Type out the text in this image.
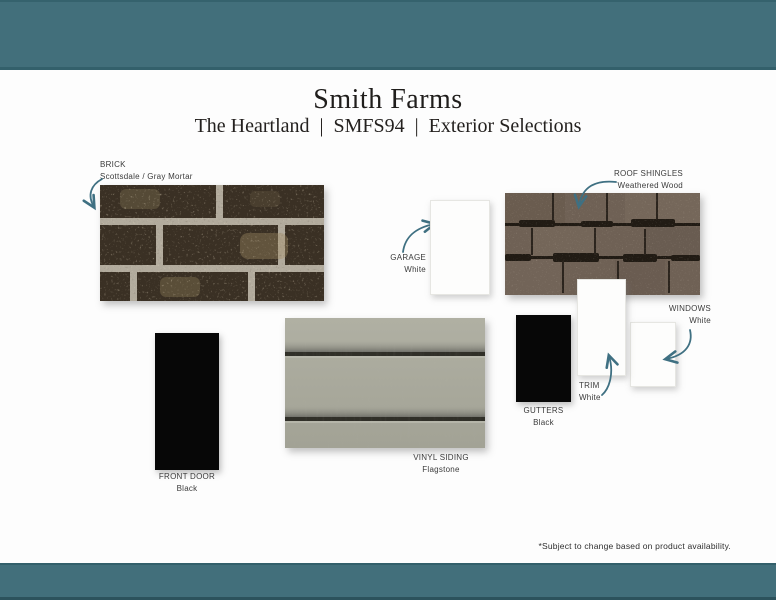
Smith Farms
The Heartland  |  SMFS94  |  Exterior Selections
BRICK
Scottsdale / Gray Mortar
GARAGE
White
ROOF SHINGLES
Weathered Wood
FRONT DOOR
Black
VINYL SIDING
Flagstone
GUTTERS
Black
TRIM
White
WINDOWS
White
*Subject to change based on product availability.
